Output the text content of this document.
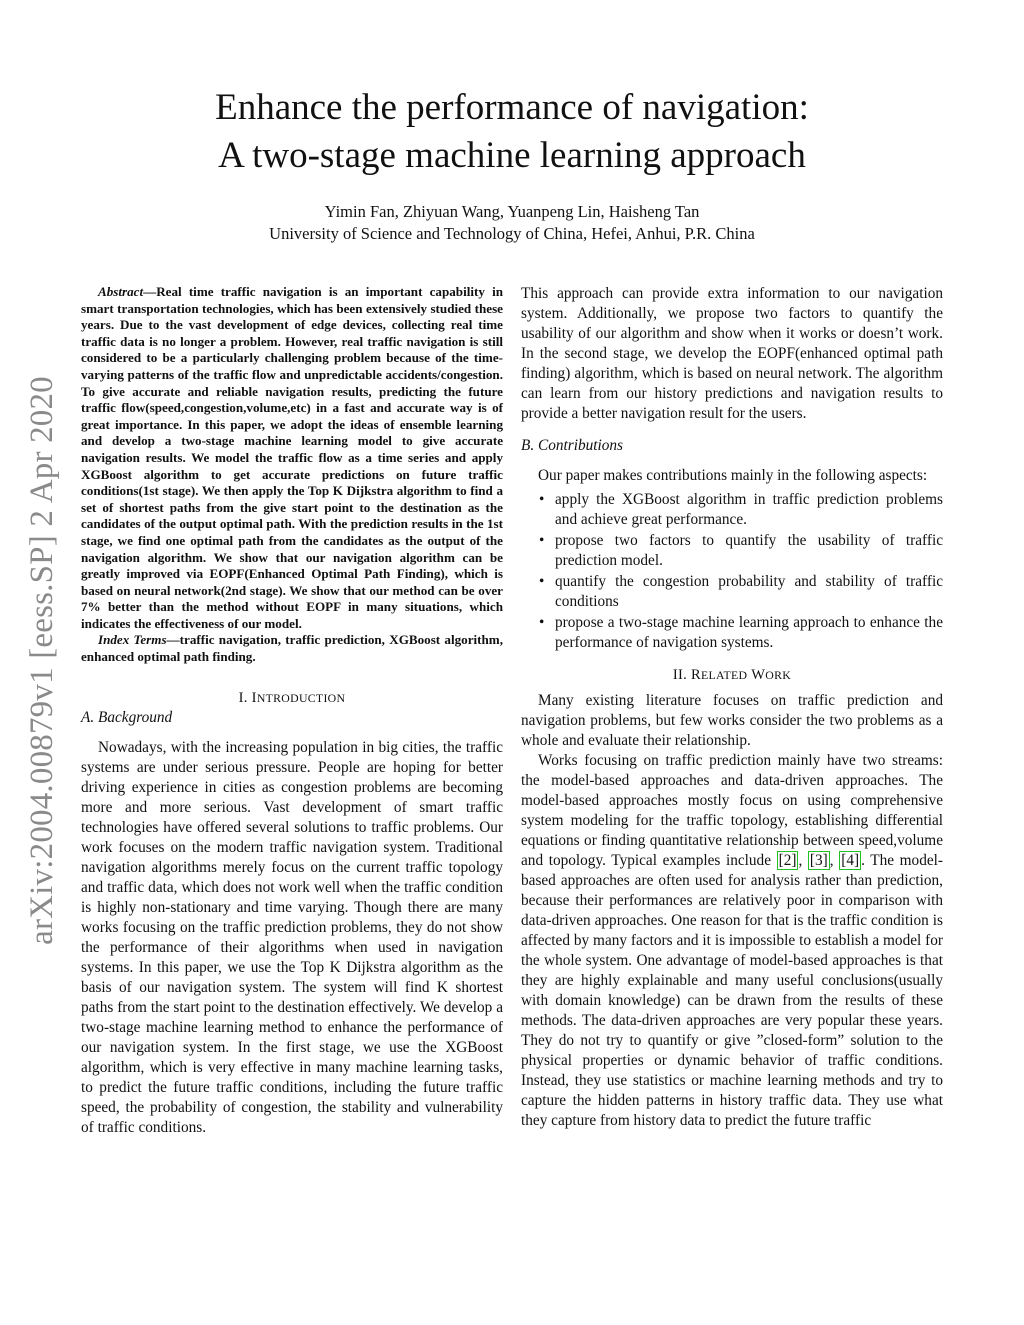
arXiv:2004.00879v1 [eess.SP] 2 Apr 2020
Enhance the performance of navigation:
A two-stage machine learning approach
Yimin Fan, Zhiyuan Wang, Yuanpeng Lin, Haisheng Tan
University of Science and Technology of China, Hefei, Anhui, P.R. China

Abstract—Real time traffic navigation is an important capability in smart transportation technologies, which has been extensively studied these years. Due to the vast development of edge devices, collecting real time traffic data is no longer a problem. However, real traffic navigation is still considered to be a particularly challenging problem because of the time-varying patterns of the traffic flow and unpredictable accidents/congestion. To give accurate and reliable navigation results, predicting the future traffic flow(speed,congestion,volume,etc) in a fast and accurate way is of great importance. In this paper, we adopt the ideas of ensemble learning and develop a two-stage machine learning model to give accurate navigation results. We model the traffic flow as a time series and apply XGBoost algorithm to get accurate predictions on future traffic conditions(1st stage). We then apply the Top K Dijkstra algorithm to find a set of shortest paths from the give start point to the destination as the candidates of the output optimal path. With the prediction results in the 1st stage, we find one optimal path from the candidates as the output of the navigation algorithm. We show that our navigation algorithm can be greatly improved via EOPF(Enhanced Optimal Path Finding), which is based on neural network(2nd stage). We show that our method can be over 7% better than the method without EOPF in many situations, which indicates the effectiveness of our model.

Index Terms—traffic navigation, traffic prediction, XGBoost algorithm, enhanced optimal path finding.

I. INTRODUCTION
A. Background

Nowadays, with the increasing population in big cities, the traffic systems are under serious pressure. People are hoping for better driving experience in cities as congestion problems are becoming more and more serious. Vast development of smart traffic technologies have offered several solutions to traffic problems. Our work focuses on the modern traffic navigation system. Traditional navigation algorithms merely focus on the current traffic topology and traffic data, which does not work well when the traffic condition is highly non-stationary and time varying. Though there are many works focusing on the traffic prediction problems, they do not show the performance of their algorithms when used in navigation systems. In this paper, we use the Top K Dijkstra algorithm as the basis of our navigation system. The system will find K shortest paths from the start point to the destination effectively. We develop a two-stage machine learning method to enhance the performance of our navigation system. In the first stage, we use the XGBoost algorithm, which is very effective in many machine learning tasks, to predict the future traffic conditions, including the future traffic speed, the probability of congestion, the stability and vulnerability of traffic conditions.

This approach can provide extra information to our navigation system. Additionally, we propose two factors to quantify the usability of our algorithm and show when it works or doesn’t work. In the second stage, we develop the EOPF(enhanced optimal path finding) algorithm, which is based on neural network. The algorithm can learn from our history predictions and navigation results to provide a better navigation result for the users.

B. Contributions

Our paper makes contributions mainly in the following aspects:

• apply the XGBoost algorithm in traffic prediction problems and achieve great performance.
• propose two factors to quantify the usability of traffic prediction model.
• quantify the congestion probability and stability of traffic conditions
• propose a two-stage machine learning approach to enhance the performance of navigation systems.
II. RELATED WORK

Many existing literature focuses on traffic prediction and navigation problems, but few works consider the two problems as a whole and evaluate their relationship.

Works focusing on traffic prediction mainly have two streams: the model-based approaches and data-driven approaches. The model-based approaches mostly focus on using comprehensive system modeling for the traffic topology, establishing differential equations or finding quantitative relationship between speed,volume and topology. Typical examples include [2] , [3] , [4] . The model-based approaches are often used for analysis rather than prediction, because their performances are relatively poor in comparison with data-driven approaches. One reason for that is the traffic condition is affected by many factors and it is impossible to establish a model for the whole system. One advantage of model-based approaches is that they are highly explainable and many useful conclusions(usually with domain knowledge) can be drawn from the results of these methods. The data-driven approaches are very popular these years. They do not try to quantify or give ”closed-form” solution to the physical properties or dynamic behavior of traffic conditions. Instead, they use statistics or machine learning methods and try to capture the hidden patterns in history traffic data. They use what they capture from history data to predict the future traffic
